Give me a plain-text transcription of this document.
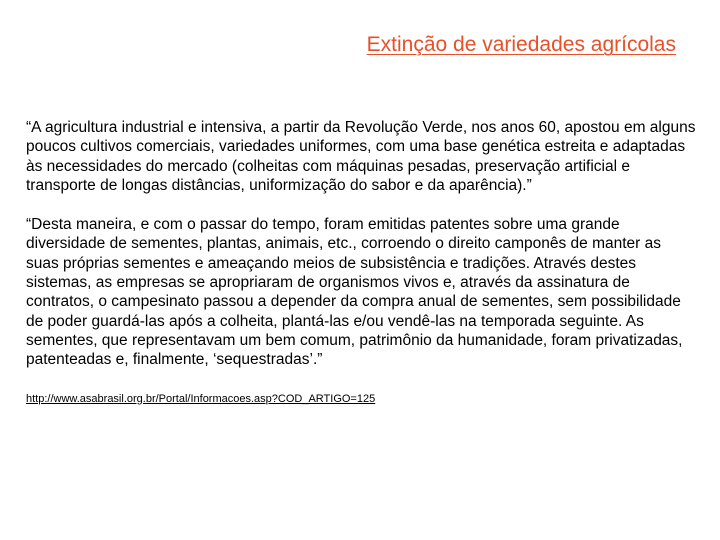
Extinção de variedades agrícolas

“A agricultura industrial e intensiva, a partir da Revolução Verde, nos anos 60, apostou em alguns poucos cultivos comerciais, variedades uniformes, com uma base genética estreita e adaptadas às necessidades do mercado (colheitas com máquinas pesadas, preservação artificial e transporte de longas distâncias, uniformização do sabor e da aparência).”

“Desta maneira, e com o passar do tempo, foram emitidas patentes sobre uma grande diversidade de sementes, plantas, animais, etc., corroendo o direito camponês de manter as suas próprias sementes e ameaçando meios de subsistência e tradições. Através destes sistemas, as empresas se apropriaram de organismos vivos e, através da assinatura de contratos, o campesinato passou a depender da compra anual de sementes, sem possibilidade de poder guardá-las após a colheita, plantá-las e/ou vendê-las na temporada seguinte. As sementes, que representavam um bem comum, patrimônio da humanidade, foram privatizadas, patenteadas e, finalmente, ‘sequestradas’.”

http://www.asabrasil.org.br/Portal/Informacoes.asp?COD_ARTIGO=125
